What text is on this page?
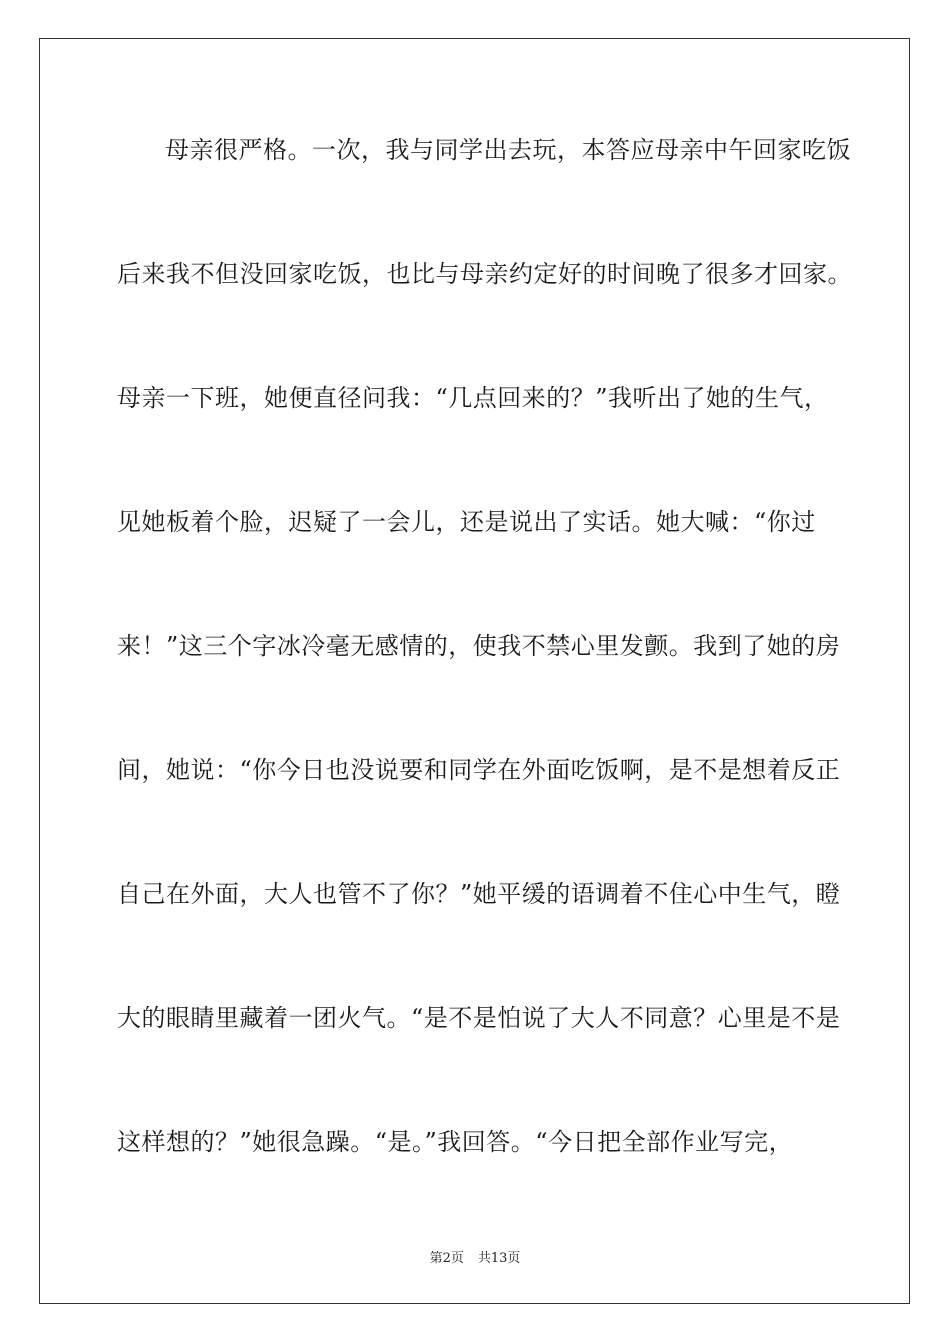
母亲很严格。一次，我与同学出去玩，本答应母亲中午回家吃饭
后来我不但没回家吃饭，也比与母亲约定好的时间晚了很多才回家。
母亲一下班，她便直径问我：“几点回来的？”我听出了她的生气，
见她板着个脸，迟疑了一会儿，还是说出了实话。她大喊：“你过
来！”这三个字冰冷毫无感情的，使我不禁心里发颤。我到了她的房
间，她说：“你今日也没说要和同学在外面吃饭啊，是不是想着反正
自己在外面，大人也管不了你？”她平缓的语调着不住心中生气，瞪
大的眼睛里藏着一团火气。“是不是怕说了大人不同意？心里是不是
这样想的？”她很急躁。“是。”我回答。“今日把全部作业写完，
第2页 共13页
